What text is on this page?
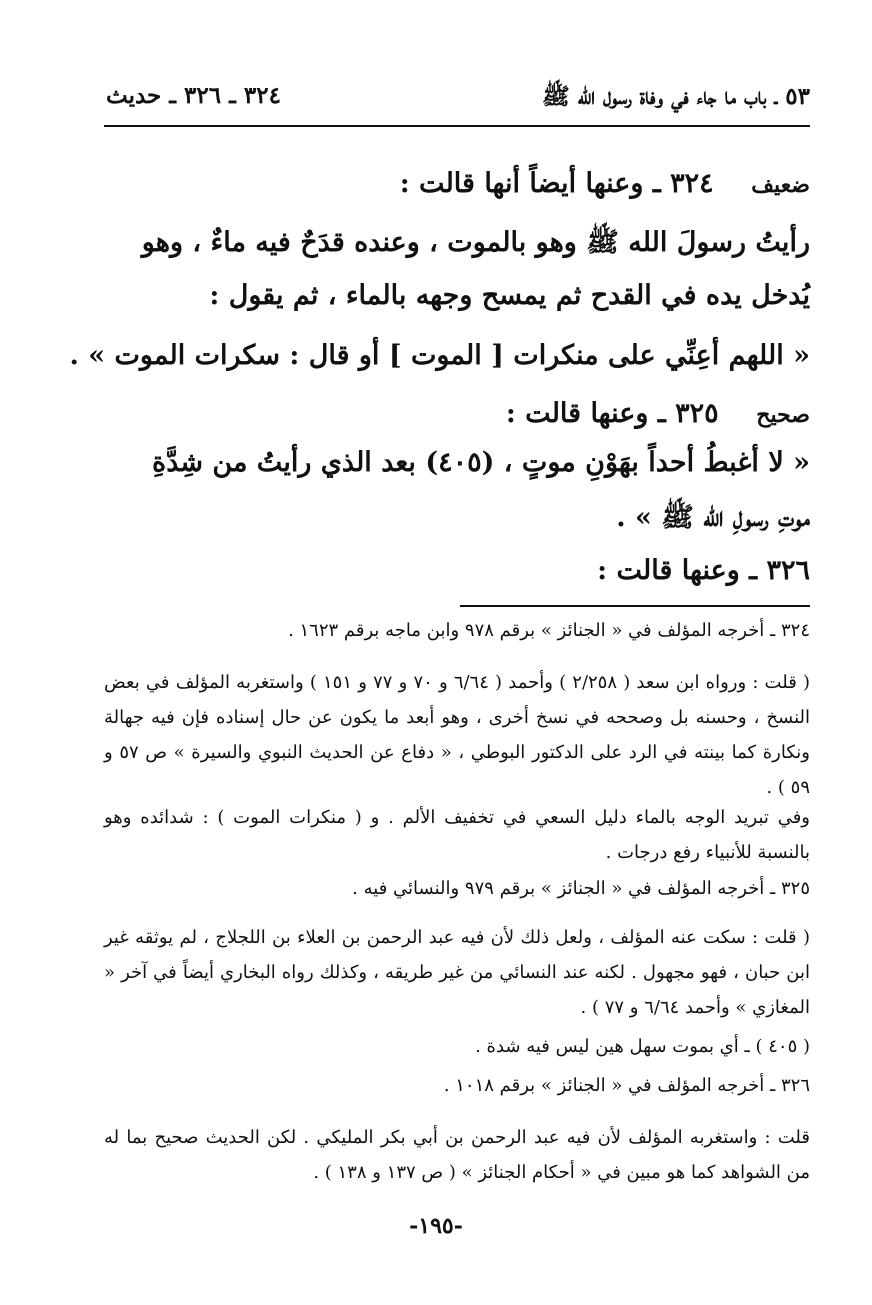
٥٣ ـ باب ما جاء في وفاة رسول الله ﷺ
٣٢٤ ـ ٣٢٦ ـ حديث
ضعيف    ٣٢٤ ـ وعنها أيضاً أنها قالت :
رأيتُ رسولَ الله ﷺ وهو بالموت ، وعنده قدَحٌ فيه ماءٌ ، وهو
يُدخل يده في القدح ثم يمسح وجهه بالماء ، ثم يقول :
« اللهم أعِنِّي على منكرات [ الموت ] أو قال : سكرات الموت » .
صحيح    ٣٢٥ ـ وعنها قالت :
« لا أغبطُ أحداً بهَوْنِ موتٍ ، (٤٠٥) بعد الذي رأيتُ من شِدَّةِ
موتِ رسولِ الله ﷺ » .
٣٢٦ ـ وعنها قالت :
٣٢٤ ـ أخرجه المؤلف في « الجنائز » برقم ٩٧٨ وابن ماجه برقم ١٦٢٣ .
( قلت : ورواه ابن سعد ( ٢/٢٥٨ ) وأحمد ( ٦/٦٤ و ٧٠ و ٧٧ و ١٥١ ) واستغربه المؤلف في بعض النسخ ، وحسنه بل وصححه في نسخ أخرى ، وهو أبعد ما يكون عن حال إسناده فإن فيه جهالة ونكارة كما بينته في الرد على الدكتور البوطي ، « دفاع عن الحديث النبوي والسيرة » ص ٥٧ و ٥٩ ) .
وفي تبريد الوجه بالماء دليل السعي في تخفيف الألم . و ( منكرات الموت ) : شدائده وهو بالنسبة للأنبياء رفع درجات .
٣٢٥ ـ أخرجه المؤلف في « الجنائز » برقم ٩٧٩ والنسائي فيه .
( قلت : سكت عنه المؤلف ، ولعل ذلك لأن فيه عبد الرحمن بن العلاء بن اللجلاج ، لم يوثقه غير ابن حبان ، فهو مجهول . لكنه عند النسائي من غير طريقه ، وكذلك رواه البخاري أيضاً في آخر « المغازي » وأحمد ٦/٦٤ و ٧٧ ) .
( ٤٠٥ ) ـ أي بموت سهل هين ليس فيه شدة .
٣٢٦ ـ أخرجه المؤلف في « الجنائز » برقم ١٠١٨ .
قلت : واستغربه المؤلف لأن فيه عبد الرحمن بن أبي بكر المليكي . لكن الحديث صحيح بما له من الشواهد كما هو مبين في « أحكام الجنائز » ( ص ١٣٧ و ١٣٨ ) .
-١٩٥-
